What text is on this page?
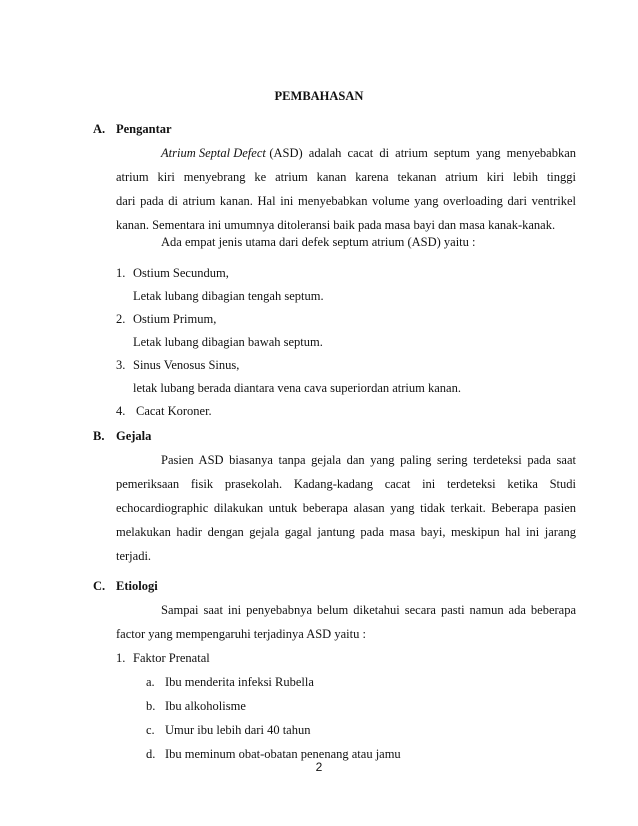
PEMBAHASAN
A. Pengantar
Atrium Septal Defect (ASD) adalah cacat di atrium septum yang menyebabkan
atrium kiri menyebrang ke atrium kanan karena tekanan atrium kiri lebih tinggi
dari pada di atrium kanan. Hal ini menyebabkan volume yang overloading dari ventrikel
kanan. Sementara ini umumnya ditoleransi baik pada masa bayi dan masa kanak-kanak.
Ada empat jenis utama dari defek septum atrium (ASD) yaitu :
1. Ostium Secundum,
Letak lubang dibagian tengah septum.
2. Ostium Primum,
Letak lubang dibagian bawah septum.
3. Sinus Venosus Sinus,
letak lubang berada diantara vena cava superiordan atrium kanan.
4. Cacat Koroner.
B. Gejala
Pasien ASD biasanya tanpa gejala dan yang paling sering terdeteksi pada saat
pemeriksaan fisik prasekolah. Kadang-kadang cacat ini terdeteksi ketika Studi
echocardiographic dilakukan untuk beberapa alasan yang tidak terkait. Beberapa pasien
melakukan hadir dengan gejala gagal jantung pada masa bayi, meskipun hal ini jarang
terjadi.
C. Etiologi
Sampai saat ini penyebabnya belum diketahui secara pasti namun ada beberapa
factor yang mempengaruhi terjadinya ASD yaitu :
1. Faktor Prenatal
a. Ibu menderita infeksi Rubella
b. Ibu alkoholisme
c. Umur ibu lebih dari 40 tahun
d. Ibu meminum obat-obatan penenang atau jamu
2
